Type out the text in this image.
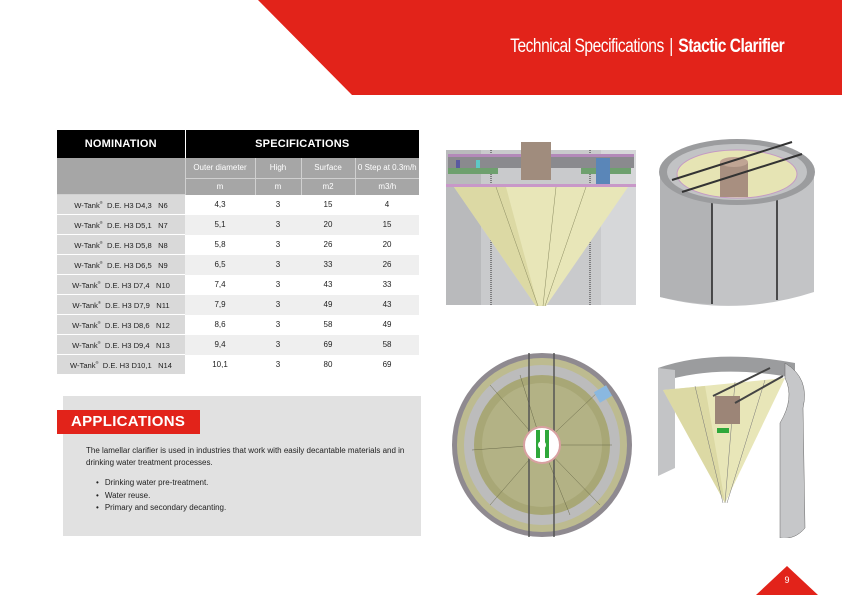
Technical Specifications | Stactic Clarifier
NOMINATION	SPECIFICATIONS			
	Outer diameter	High	Surface	0 Step at 0.3m/h
	m	m	m2	m3/h
W-Tank® D.E. H3 D4,3 N6	4,3	3	15	4
W-Tank® D.E. H3 D5,1 N7	5,1	3	20	15
W-Tank® D.E. H3 D5,8 N8	5,8	3	26	20
W-Tank® D.E. H3 D6,5 N9	6,5	3	33	26
W-Tank® D.E. H3 D7,4 N10	7,4	3	43	33
W-Tank® D.E. H3 D7,9 N11	7,9	3	49	43
W-Tank® D.E. H3 D8,6 N12	8,6	3	58	49
W-Tank® D.E. H3 D9,4 N13	9,4	3	69	58
W-Tank® D.E. H3 D10,1 N14	10,1	3	80	69
APPLICATIONS

The lamellar clarifier is used in industries that work with easily decantable materials and in drinking water treatment processes.

• Drinking water pre-treatment.
• Water reuse.
• Primary and secondary decanting.
9
